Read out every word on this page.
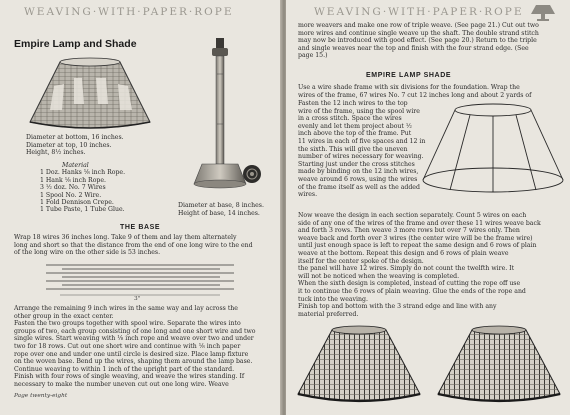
WEAVING·WITH·PAPER·ROPE
Empire Lamp and Shade

Diameter at bottom, 16 inches.

Diameter at top, 10 inches.

Height, 8½ inches.

Material
1 Doz. Hanks ⅛ inch Rope.
1 Hank ⅛ inch Rope.
3 ½ doz. No. 7 Wires
1 Spool No. 2 Wire.
1 Fold Dennison Crepe.
1 Tube Paste, 1 Tube Glue.

Diameter at base, 8 inches.

Height of base, 14 inches.

THE BASE

Wrap 18 wires 36 inches long. Take 9 of them and lay them alternately

long and short so that the distance from the end of one long wire to the end

of the long wire on the other side is 53 inches.

3"

Arrange the remaining 9 inch wires in the same way and lay across the

other group in the exact center.

Fasten the two groups together with spool wire. Separate the wires into

groups of two, each group consisting of one long and one short wire and two

single wires. Start weaving with ⅛ inch rope and weave over two and under

two for 18 rows. Cut out one short wire and continue with ⅛ inch paper

rope over one and under one until circle is desired size. Place lamp fixture

on the woven base. Bend up the wires, shaping them around the lamp base.

Continue weaving to within 1 inch of the upright part of the standard.

Finish with four rows of single weaving, and weave the wires standing. If

necessary to make the number uneven cut out one long wire. Weave

Page twenty-eight
WEAVING·WITH·PAPER·ROPE

more weavers and make one row of triple weave. (See page 21.) Cut out two

more wires and continue single weave up the shaft. The double strand stitch

may now be introduced with good effect. (See page 20.) Return to the triple

and single weaves near the top and finish with the four strand edge. (See

page 15.)

EMPIRE LAMP SHADE

Use a wire shade frame with six divisions for the foundation. Wrap the

wires of the frame, 67 wires No. 7 cut 12 inches long and about 2 yards of

Fasten the 12 inch wires to the top

wire of the frame, using the spool wire

in a cross stitch. Space the wires

evenly and let them project about ½

inch above the top of the frame. Put

11 wires in each of five spaces and 12 in

the sixth. This will give the uneven

number of wires necessary for weaving.

Starting just under the cross stitches

made by binding on the 12 inch wires,

weave around 6 rows, using the wires

of the frame itself as well as the added

wires.

Now weave the design in each section separately. Count 5 wires on each

side of any one of the wires of the frame and over these 11 wires weave back

and forth 3 rows. Then weave 3 more rows but over 7 wires only. Then

weave back and forth over 3 wires (the center wire will be the frame wire)

until just enough space is left to repeat the same design and 6 rows of plain

weave at the bottom. Repeat this design and 6 rows of plain weave

itself for the center spoke of the design.

the panel will have 12 wires. Simply do not count the twelfth wire. It

will not be noticed when the weaving is completed.

When the sixth design is completed, instead of cutting the rope off use

it to continue the 6 rows of plain weaving. Glue the ends of the rope and

tuck into the weaving.

Finish top and bottom with the 3 strand edge and line with any

material preferred.
